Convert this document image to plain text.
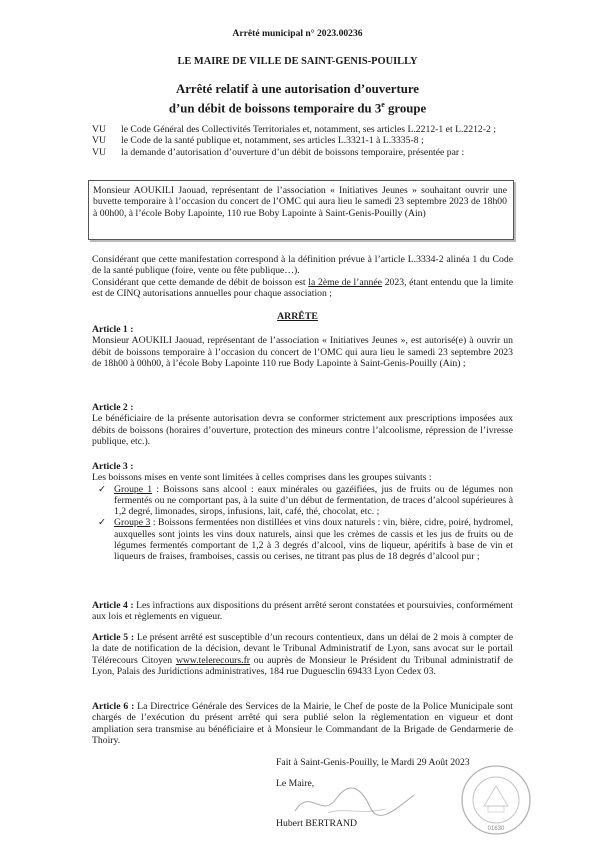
Arrêté municipal n° 2023.00236
LE MAIRE DE VILLE DE SAINT-GENIS-POUILLY
Arrêté relatif à une autorisation d’ouverture
d’un débit de boissons temporaire du 3e groupe
VU	le Code Général des Collectivités Territoriales et, notamment, ses articles L.2212-1 et L.2212-2 ;
VU	le Code de la santé publique et, notamment, ses articles L.3321-1 à L.3335-8 ;
VU	la demande d’autorisation d’ouverture d’un débit de boissons temporaire, présentée par :
Monsieur AOUKILI Jaouad, représentant de l’association « Initiatives Jeunes » souhaitant ouvrir une buvette temporaire à l’occasion du concert de l’OMC qui aura lieu le samedi 23 septembre 2023 de 18h00 à 00h00, à l’école Boby Lapointe, 110 rue Boby Lapointe à Saint-Genis-Pouilly (Ain)
Considérant que cette manifestation correspond à la définition prévue à l’article L.3334-2 alinéa 1 du Code de la santé publique (foire, vente ou fête publique…).
Considérant que cette demande de débit de boisson est la 2ème de l’année 2023, étant entendu que la limite est de CINQ autorisations annuelles pour chaque association ;
ARRÊTE
Article 1 :
Monsieur AOUKILI Jaouad, représentant de l’association « Initiatives Jeunes », est autorisé(e) à ouvrir un débit de boissons temporaire à l’occasion du concert de l’OMC qui aura lieu le samedi 23 septembre 2023 de 18h00 à 00h00, à l’école Boby Lapointe 110 rue Body Lapointe à Saint-Genis-Pouilly (Ain) ;
Article 2 :
Le bénéficiaire de la présente autorisation devra se conformer strictement aux prescriptions imposées aux débits de boissons (horaires d’ouverture, protection des mineurs contre l’alcoolisme, répression de l’ivresse publique, etc.).
Article 3 :
Les boissons mises en vente sont limitées à celles comprises dans les groupes suivants :
✓ Groupe 1 : Boissons sans alcool : eaux minérales ou gazéifiées, jus de fruits ou de légumes non fermentés ou ne comportant pas, à la suite d’un début de fermentation, de traces d’alcool supérieures à 1,2 degré, limonades, sirops, infusions, lait, café, thé, chocolat, etc. ;
✓ Groupe 3 : Boissons fermentées non distillées et vins doux naturels : vin, bière, cidre, poiré, hydromel, auxquelles sont joints les vins doux naturels, ainsi que les crèmes de cassis et les jus de fruits ou de légumes fermentés comportant de 1,2 à 3 degrés d’alcool, vins de liqueur, apéritifs à base de vin et liqueurs de fraises, framboises, cassis ou cerises, ne titrant pas plus de 18 degrés d’alcool pur ;
Article 4 : Les infractions aux dispositions du présent arrêté seront constatées et poursuivies, conformément aux lois et règlements en vigueur.
Article 5 : Le présent arrêté est susceptible d’un recours contentieux, dans un délai de 2 mois à compter de la date de notification de la décision, devant le Tribunal Administratif de Lyon, sans avocat sur le portail Télérecours Citoyen www.telerecours.fr ou auprès de Monsieur le Président du Tribunal administratif de Lyon, Palais des Juridictions administratives, 184 rue Duguesclin 69433 Lyon Cedex 03.
Article 6 : La Directrice Générale des Services de la Mairie, le Chef de poste de la Police Municipale sont chargés de l’exécution du présent arrêté qui sera publié selon la règlementation en vigueur et dont ampliation sera transmise au bénéficiaire et à Monsieur le Commandant de la Brigade de Gendarmerie de Thoiry.
Fait à Saint-Genis-Pouilly, le Mardi 29 Août 2023
Le Maire,
Hubert BERTRAND	01630
